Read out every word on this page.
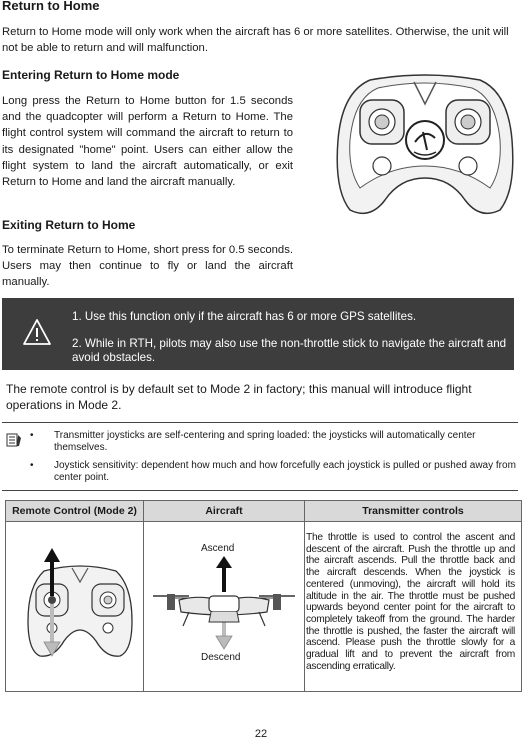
Return to Home

Return to Home mode will only work when the aircraft has 6 or more satellites. Otherwise, the unit will not be able to return and will malfunction.

Entering Return to Home mode

Long press the Return to Home button for 1.5 seconds and the quadcopter will perform a Return to Home. The flight control system will command the aircraft to return to its designated "home" point. Users can either allow the flight system to land the aircraft automatically, or exit Return to Home and land the aircraft manually.

Exiting Return to Home

To terminate Return to Home, short press for 0.5 seconds. Users may then continue to fly or land the aircraft manually.

1. Use this function only if the aircraft has 6 or more GPS satellites.
2. While in RTH, pilots may also use the non-throttle stick to navigate the aircraft and avoid obstacles.

The remote control is by default set to Mode 2 in factory; this manual will introduce flight operations in Mode 2.

• Transmitter joysticks are self-centering and spring loaded: the joysticks will automatically center themselves.
• Joystick sensitivity: dependent how much and how forcefully each joystick is pulled or pushed away from center point.
Remote Control (Mode 2)	Aircraft	Transmitter controls
Ascend
Descend
The throttle is used to control the ascent and descent of the aircraft. Push the throttle up and the aircraft ascends. Pull the throttle back and the aircraft descends. When the joystick is centered (unmoving), the aircraft will hold its altitude in the air. The throttle must be pushed upwards beyond center point for the aircraft to completely takeoff from the ground. The harder the throttle is pushed, the faster the aircraft will ascend. Please push the throttle slowly for a gradual lift and to prevent the aircraft from ascending erratically.
22
